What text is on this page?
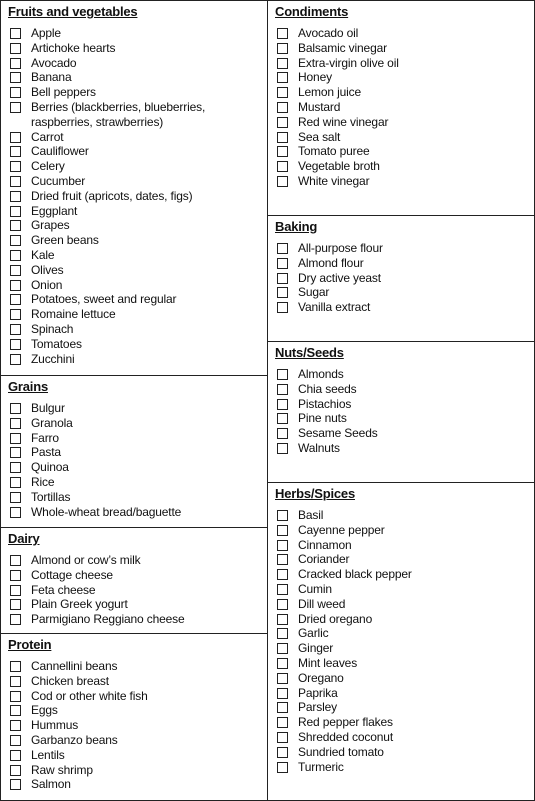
Fruits and vegetables
Apple
Artichoke hearts
Avocado
Banana
Bell peppers
Berries (blackberries, blueberries, raspberries, strawberries)
Carrot
Cauliflower
Celery
Cucumber
Dried fruit (apricots, dates, figs)
Eggplant
Grapes
Green beans
Kale
Olives
Onion
Potatoes, sweet and regular
Romaine lettuce
Spinach
Tomatoes
Zucchini
Grains
Bulgur
Granola
Farro
Pasta
Quinoa
Rice
Tortillas
Whole-wheat bread/baguette
Dairy
Almond or cow’s milk
Cottage cheese
Feta cheese
Plain Greek yogurt
Parmigiano Reggiano cheese
Protein
Cannellini beans
Chicken breast
Cod or other white fish
Eggs
Hummus
Garbanzo beans
Lentils
Raw shrimp
Salmon
Condiments
Avocado oil
Balsamic vinegar
Extra-virgin olive oil
Honey
Lemon juice
Mustard
Red wine vinegar
Sea salt
Tomato puree
Vegetable broth
White vinegar
Baking
All-purpose flour
Almond flour
Dry active yeast
Sugar
Vanilla extract
Nuts/Seeds
Almonds
Chia seeds
Pistachios
Pine nuts
Sesame Seeds
Walnuts
Herbs/Spices
Basil
Cayenne pepper
Cinnamon
Coriander
Cracked black pepper
Cumin
Dill weed
Dried oregano
Garlic
Ginger
Mint leaves
Oregano
Paprika
Parsley
Red pepper flakes
Shredded coconut
Sundried tomato
Turmeric
